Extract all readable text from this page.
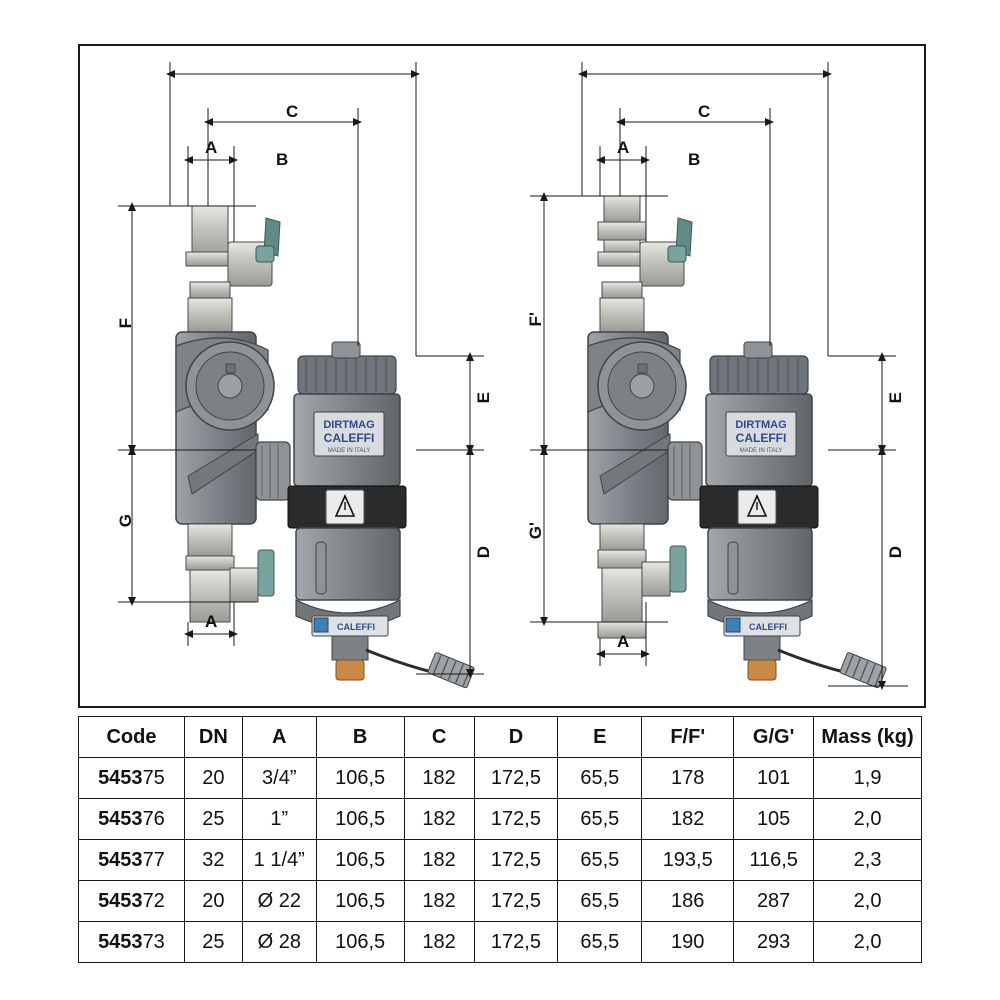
DIRTMAG
CALEFFI
MADE IN ITALY
CALEFFI
DIRTMAG
CALEFFI
MADE IN ITALY
CALEFFI
C
B
A
A
F
G
E
D
C
B
A
A
F'
G'
E
D
Code	DN	A	B	C	D	E	F/F'	G/G'	Mass (kg)
545375	20	3/4”	106,5	182	172,5	65,5	178	101	1,9
545376	25	1”	106,5	182	172,5	65,5	182	105	2,0
545377	32	1 1/4”	106,5	182	172,5	65,5	193,5	116,5	2,3
545372	20	Ø 22	106,5	182	172,5	65,5	186	287	2,0
545373	25	Ø 28	106,5	182	172,5	65,5	190	293	2,0
